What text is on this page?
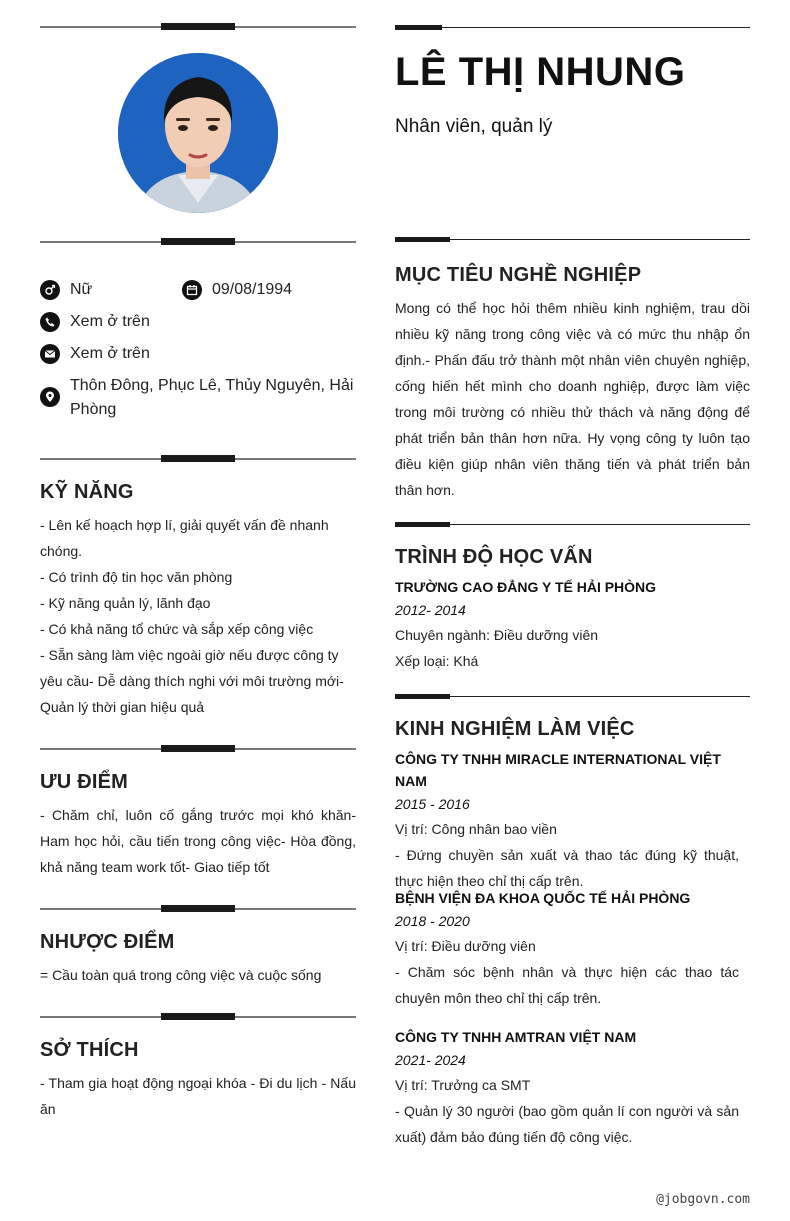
Nữ	09/08/1994
Xem ở trên
Xem ở trên
Thôn Đông, Phục Lê, Thủy Nguyên, Hải Phòng
KỸ NĂNG
- Lên kế hoạch hợp lí, giải quyết vấn đề nhanh chóng.
- Có trình độ tin học văn phòng
- Kỹ năng quản lý, lãnh đạo
- Có khả năng tổ chức và sắp xếp công việc
- Sẵn sàng làm việc ngoài giờ nếu được công ty yêu cầu- Dễ dàng thích nghi với môi trường mới- Quản lý thời gian hiệu quả
ƯU ĐIỂM
- Chăm chỉ, luôn cố gắng trước mọi khó khăn- Ham học hỏi, cầu tiến trong công việc- Hòa đồng, khả năng team work tốt- Giao tiếp tốt
NHƯỢC ĐIỂM
= Cầu toàn quá trong công việc và cuộc sống
SỞ THÍCH
- Tham gia hoạt động ngoại khóa - Đi du lịch - Nấu ăn
LÊ THỊ NHUNG
Nhân viên, quản lý
MỤC TIÊU NGHỀ NGHIỆP
Mong có thể học hỏi thêm nhiều kinh nghiệm, trau dồi nhiều kỹ năng trong công việc và có mức thu nhập ổn định.- Phấn đấu trở thành một nhân viên chuyên nghiệp, cống hiến hết mình cho doanh nghiệp, được làm việc trong môi trường có nhiều thử thách và năng động để phát triển bản thân hơn nữa. Hy vọng công ty luôn tạo điều kiện giúp nhân viên thăng tiến và phát triển bản thân hơn.
TRÌNH ĐỘ HỌC VẤN
TRƯỜNG CAO ĐẲNG Y TẾ HẢI PHÒNG
2012- 2014
Chuyên ngành: Điều dưỡng viên
Xếp loại: Khá
KINH NGHIỆM LÀM VIỆC
CÔNG TY TNHH MIRACLE INTERNATIONAL VIỆT NAM
2015 - 2016
Vị trí: Công nhân bao viền
- Đứng chuyền sản xuất và thao tác đúng kỹ thuật, thực hiện theo chỉ thị cấp trên.
BỆNH VIỆN ĐA KHOA QUỐC TẾ HẢI PHÒNG
2018 - 2020
Vị trí: Điều dưỡng viên
- Chăm sóc bệnh nhân và thực hiện các thao tác chuyên môn theo chỉ thị cấp trên.
CÔNG TY TNHH AMTRAN VIỆT NAM
2021- 2024
Vị trí: Trưởng ca SMT
- Quản lý 30 người (bao gồm quản lí con người và sản xuất) đảm bảo đúng tiến độ công việc.
@jobgovn.com
